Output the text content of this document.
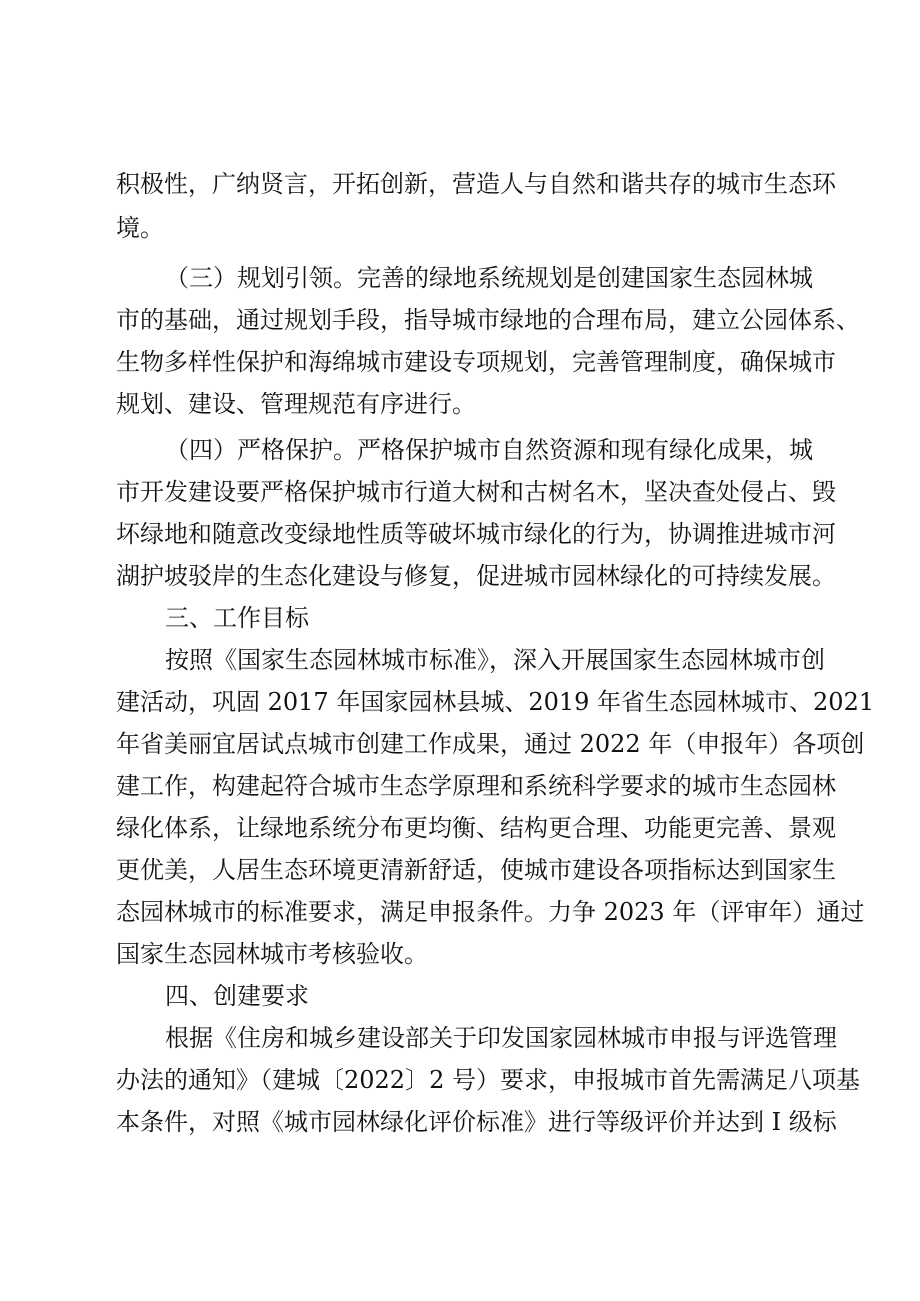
积极性，广纳贤言，开拓创新，营造人与自然和谐共存的城市生态环
境。
（三）规划引领。完善的绿地系统规划是创建国家生态园林城
市的基础，通过规划手段，指导城市绿地的合理布局，建立公园体系、
生物多样性保护和海绵城市建设专项规划，完善管理制度，确保城市
规划、建设、管理规范有序进行。
（四）严格保护。严格保护城市自然资源和现有绿化成果，城
市开发建设要严格保护城市行道大树和古树名木，坚决查处侵占、毁
坏绿地和随意改变绿地性质等破坏城市绿化的行为，协调推进城市河
湖护坡驳岸的生态化建设与修复，促进城市园林绿化的可持续发展。
三、工作目标
按照《国家生态园林城市标准》，深入开展国家生态园林城市创
建活动，巩固 2017 年国家园林县城、2019 年省生态园林城市、2021
年省美丽宜居试点城市创建工作成果，通过 2022 年（申报年）各项创
建工作，构建起符合城市生态学原理和系统科学要求的城市生态园林
绿化体系，让绿地系统分布更均衡、结构更合理、功能更完善、景观
更优美，人居生态环境更清新舒适，使城市建设各项指标达到国家生
态园林城市的标准要求，满足申报条件。力争 2023 年（评审年）通过
国家生态园林城市考核验收。
四、创建要求
根据《住房和城乡建设部关于印发国家园林城市申报与评选管理
办法的通知》（建城〔2022〕2 号）要求，申报城市首先需满足八项基
本条件，对照《城市园林绿化评价标准》进行等级评价并达到 I 级标
